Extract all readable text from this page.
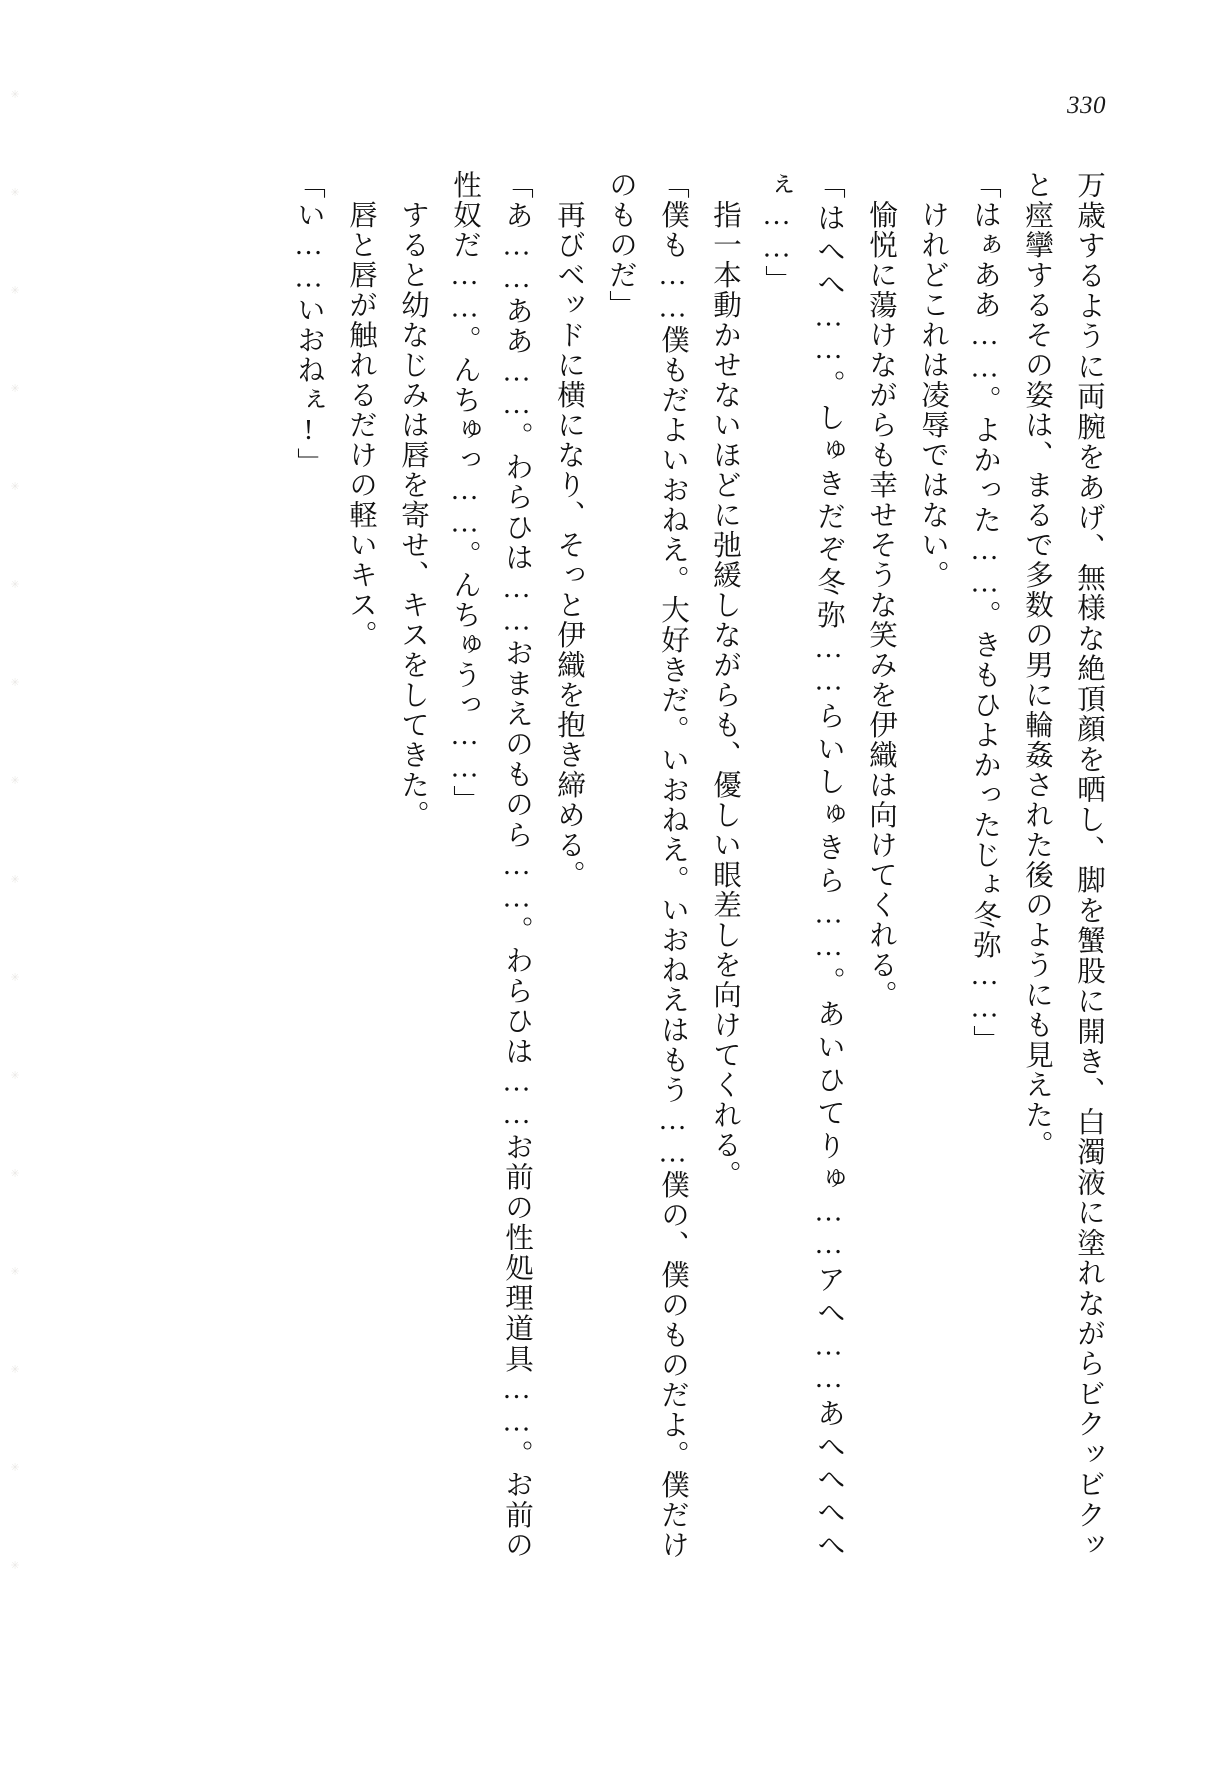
✳
✳
✳
✳
✳
✳
✳
✳
✳
✳
✳
✳
✳
✳
✳
✳
330

万歳するように両腕をあげ、無様な絶頂顔を晒し、脚を蟹股に開き、白濁液に塗れながらビクッビクッと痙攣するその姿は、まるで多数の男に輪姦された後のようにも見えた。

「はぁああ……。よかった……。きもひよかったじょ冬弥……」

けれどこれは凌辱ではない。

愉悦に蕩けながらも幸せそうな笑みを伊織は向けてくれる。

「はへへ……。しゅきだぞ冬弥……らいしゅきら……。あいひてりゅ……アへ……あへへへへぇ……」

指一本動かせないほどに弛緩しながらも、優しい眼差しを向けてくれる。

「僕も……僕もだよいおねえ。大好きだ。いおねえ。いおねえはもう……僕の、僕のものだよ。僕だけのものだ」

再びベッドに横になり、そっと伊織を抱き締める。

「あ……ああ……。わらひは……おまえのものら……。わらひは……お前の性処理道具……。お前の性奴だ……。んちゅっ……。んちゅうっ……」

すると幼なじみは唇を寄せ、キスをしてきた。

唇と唇が触れるだけの軽いキス。

「い……いおねぇ!」
